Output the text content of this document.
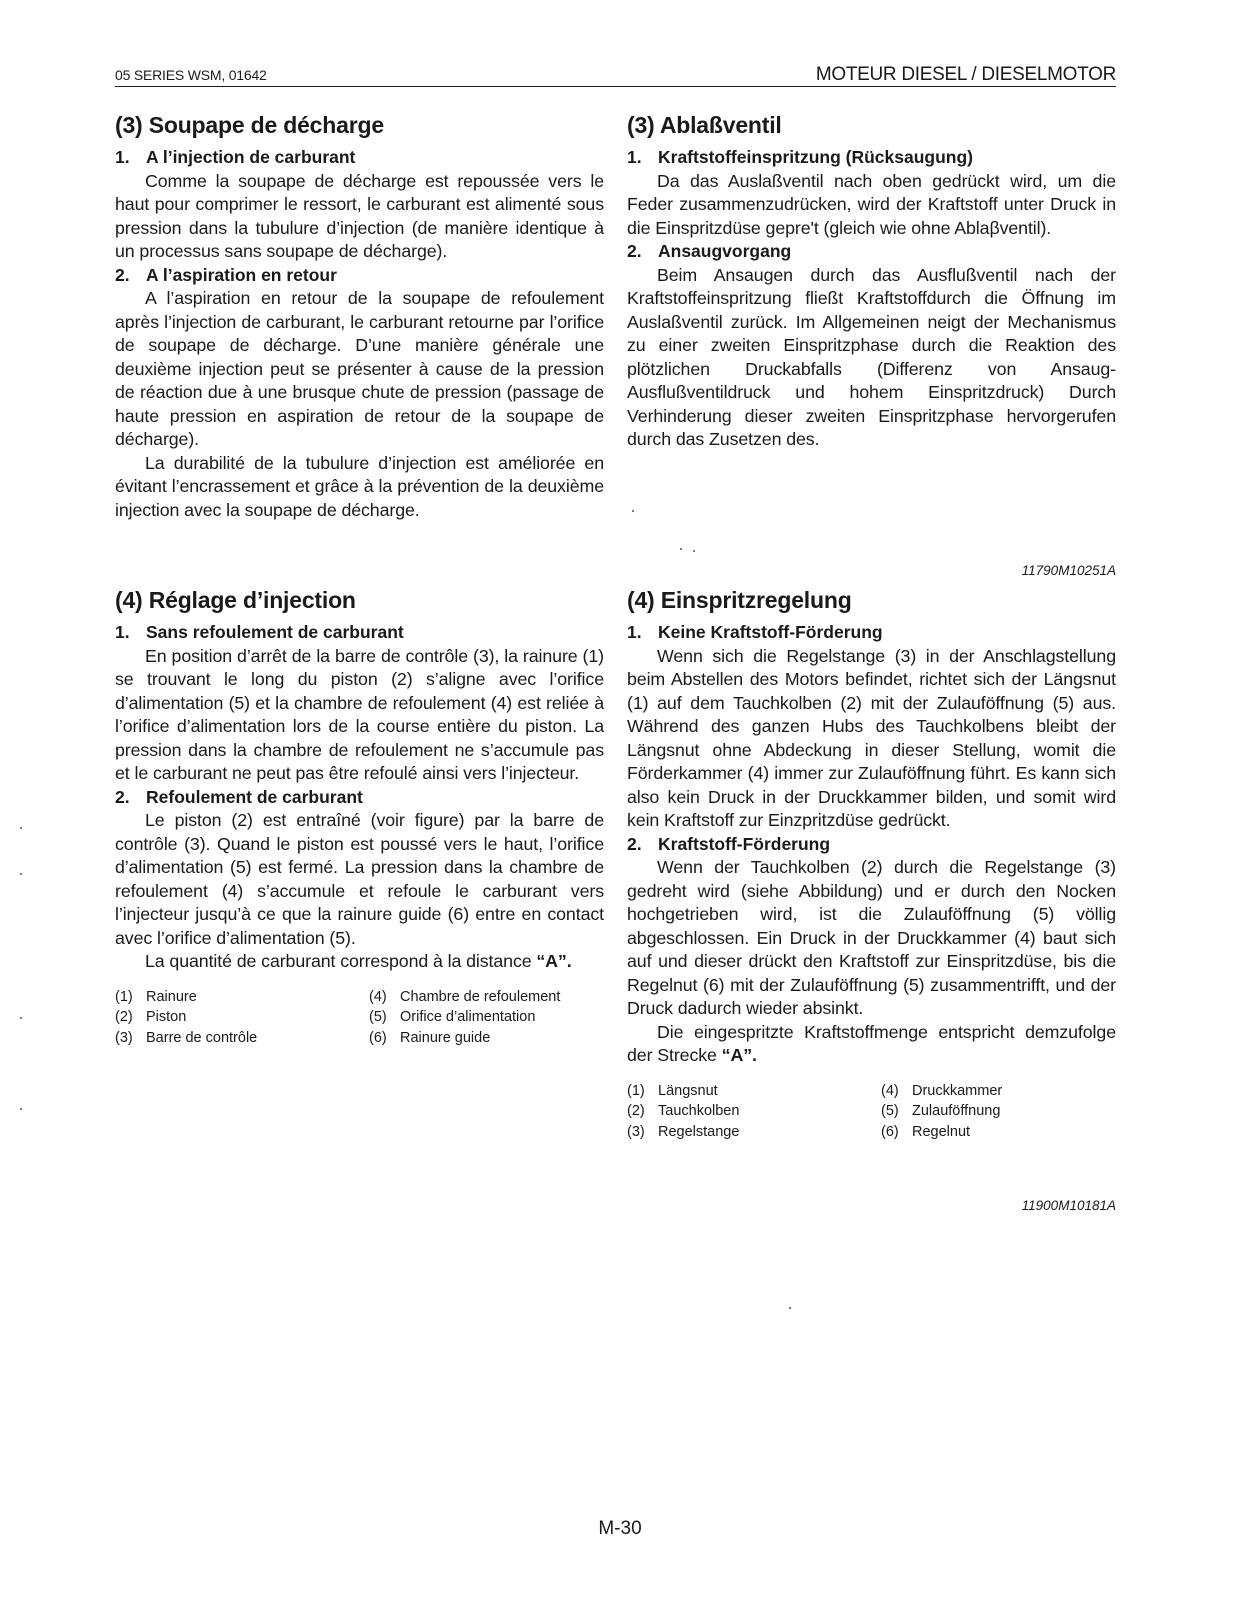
05 SERIES WSM, 01642	MOTEUR DIESEL / DIESELMOTOR
(3) Soupape de décharge
1. A l’injection de carburant

Comme la soupape de décharge est repoussée vers le haut pour comprimer le ressort, le carburant est alimenté sous pression dans la tubulure d’injection (de manière identique à un processus sans soupape de décharge).

2. A l’aspiration en retour

A l’aspiration en retour de la soupape de refoulement après l’injection de carburant, le carburant retourne par l’orifice de soupape de décharge. D’une manière générale une deuxième injection peut se présenter à cause de la pression de réaction due à une brusque chute de pression (passage de haute pression en aspiration de retour de la soupape de décharge).

La durabilité de la tubulure d’injection est améliorée en évitant l’encrassement et grâce à la prévention de la deuxième injection avec la soupape de décharge.

(3) Ablaßventil
1. Kraftstoffeinspritzung (Rücksaugung)

Da das Auslaßventil nach oben gedrückt wird, um die Feder zusammenzudrücken, wird der Kraftstoff unter Druck in die Einspritzdüse gepre't (gleich wie ohne Ablaβventil).

2. Ansaugvorgang

Beim Ansaugen durch das Ausflußventil nach der Kraftstoffeinspritzung fließt Kraftstoffdurch die Öffnung im Auslaßventil zurück. Im Allgemeinen neigt der Mechanismus zu einer zweiten Einspritzphase durch die Reaktion des plötzlichen Druckabfalls (Differenz von Ansaug-Ausflußventildruck und hohem Einspritzdruck) Durch Verhinderung dieser zweiten Einspritzphase hervorgerufen durch das Zusetzen des.

11790M10251A
(4) Réglage d’injection
1. Sans refoulement de carburant

En position d’arrêt de la barre de contrôle (3), la rainure (1) se trouvant le long du piston (2) s’aligne avec l’orifice d’alimentation (5) et la chambre de refoulement (4) est reliée à l’orifice d’alimentation lors de la course entière du piston. La pression dans la chambre de refoulement ne s’accumule pas et le carburant ne peut pas être refoulé ainsi vers l’injecteur.

2. Refoulement de carburant

Le piston (2) est entraîné (voir figure) par la barre de contrôle (3). Quand le piston est poussé vers le haut, l’orifice d’alimentation (5) est fermé. La pression dans la chambre de refoulement (4) s’accumule et refoule le carburant vers l’injecteur jusqu’à ce que la rainure guide (6) entre en contact avec l’orifice d’alimentation (5).

La quantité de carburant correspond à la distance “A”.

(1) Rainure	(4) Chambre de refoulement
(2) Piston	(5) Orifice d’alimentation
(3) Barre de contrôle	(6) Rainure guide
(4) Einspritzregelung
1. Keine Kraftstoff-Förderung

Wenn sich die Regelstange (3) in der Anschlagstellung beim Abstellen des Motors befindet, richtet sich der Längsnut (1) auf dem Tauchkolben (2) mit der Zulauföffnung (5) aus. Während des ganzen Hubs des Tauchkolbens bleibt der Längsnut ohne Abdeckung in dieser Stellung, womit die Förderkammer (4) immer zur Zulauföffnung führt. Es kann sich also kein Druck in der Druckkammer bilden, und somit wird kein Kraftstoff zur Einzpritzdüse gedrückt.

2. Kraftstoff-Förderung

Wenn der Tauchkolben (2) durch die Regelstange (3) gedreht wird (siehe Abbildung) und er durch den Nocken hochgetrieben wird, ist die Zulauföffnung (5) völlig abgeschlossen. Ein Druck in der Druckkammer (4) baut sich auf und dieser drückt den Kraftstoff zur Einspritzdüse, bis die Regelnut (6) mit der Zulauföffnung (5) zusammentrifft, und der Druck dadurch wieder absinkt.

Die eingespritzte Kraftstoffmenge entspricht demzufolge der Strecke “A”.

(1) Längsnut	(4) Druckkammer
(2) Tauchkolben	(5) Zulauföffnung
(3) Regelstange	(6) Regelnut
11900M10181A
M-30
